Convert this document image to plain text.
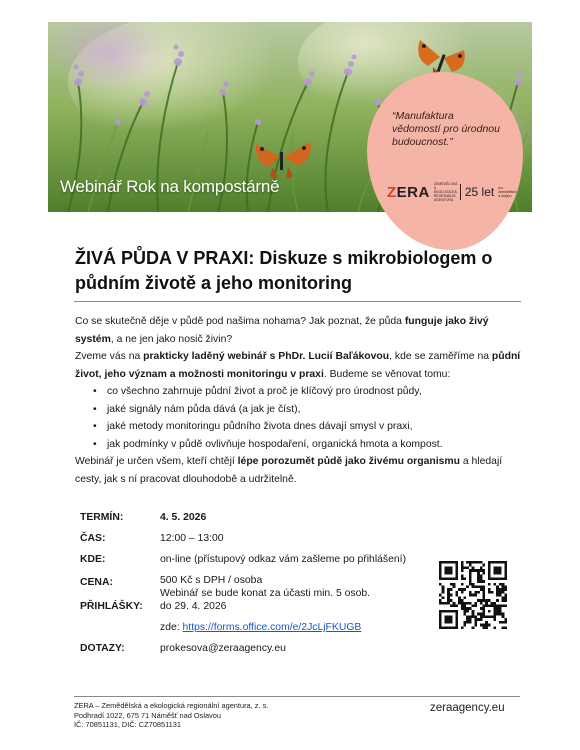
“Manufaktura vědomostí pro úrodnou budoucnost.”
ZERA ZEMĚDĚLSKÁ A EKOLOGICKÁ REGIONÁLNÍ AGENTURA
25 let pro zemědělství a krajinu
Webinář Rok na kompostárně
ŽIVÁ PŮDA V PRAXI: Diskuze s mikrobiologem o půdním životě a jeho monitoring

Co se skutečně děje v půdě pod našima nohama? Jak poznat, že půda funguje jako živý systém, a ne jen jako nosič živin?

Zveme vás na prakticky laděný webinář s PhDr. Lucií Baľákovou, kde se zaměříme na půdní život, jeho význam a možnosti monitoringu v praxi. Budeme se věnovat tomu:

• co všechno zahrnuje půdní život a proč je klíčový pro úrodnost půdy,
• jaké signály nám půda dává (a jak je číst),
• jaké metody monitoringu půdního života dnes dávají smysl v praxi,
• jak podmínky v půdě ovlivňuje hospodaření, organická hmota a kompost.

Webinář je určen všem, kteří chtějí lépe porozumět půdě jako živému organismu a hledají cesty, jak s ní pracovat dlouhodobě a udržitelně.

TERMÍN:	4. 5. 2026
ČAS:	12:00 – 13:00
KDE:	on-line (přístupový odkaz vám zašleme po přihlášení)
CENA:	500 Kč s DPH / osoba
Webinář se bude konat za účasti min. 5 osob.
PŘIHLÁŠKY: do 29. 4. 2026
zde: https://forms.office.com/e/2JcLjFKUGB
DOTAZY:	prokesova@zeraagency.eu
ZERA – Zemědělská a ekologická regionální agentura, z. s.
Podhradí 1022, 675 71 Náměšť nad Oslavou
IČ: 70851131, DIČ: CZ70851131
zeraagency.eu
